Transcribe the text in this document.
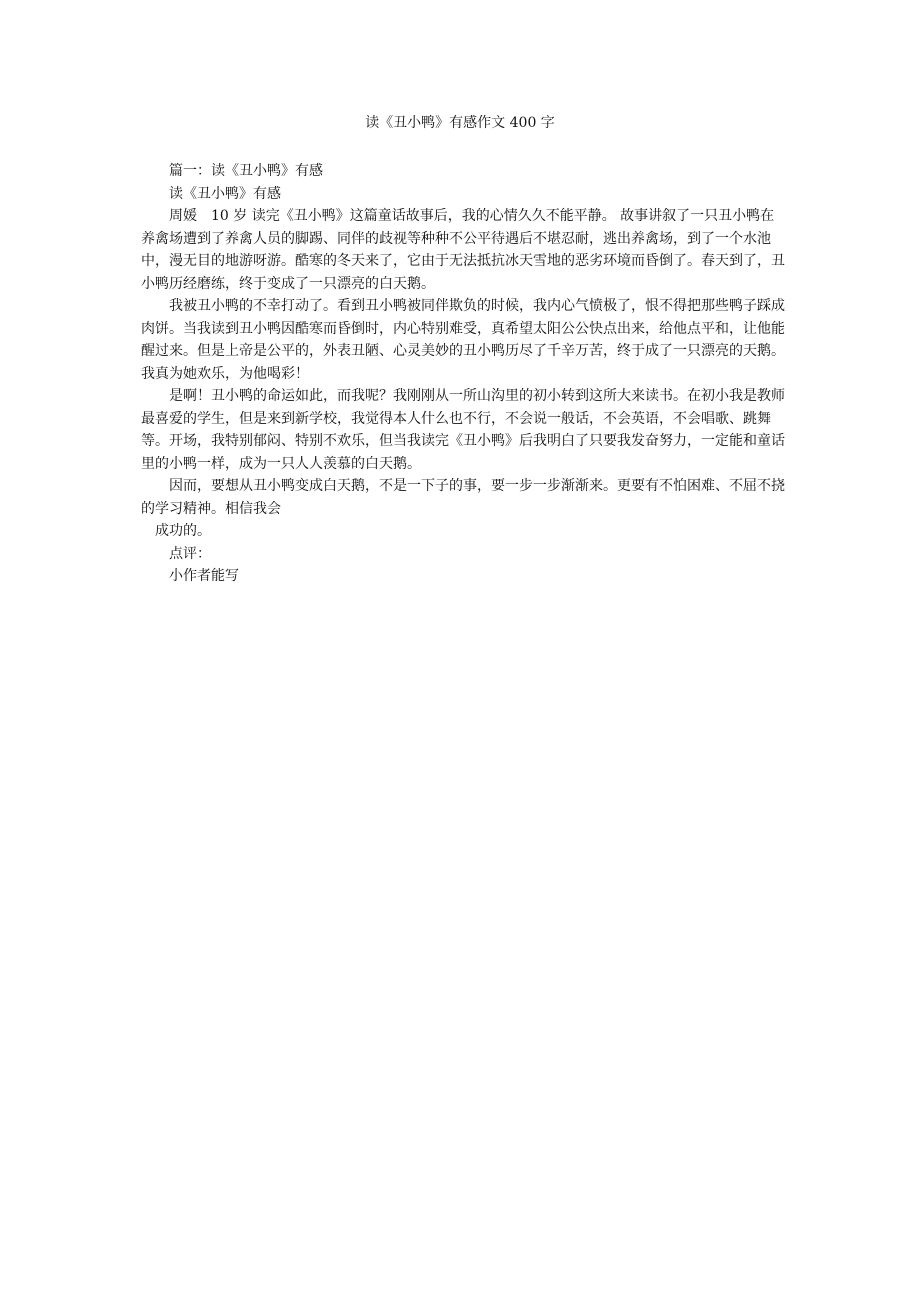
读《丑小鸭》有感作文 400 字

篇一：读《丑小鸭》有感

读《丑小鸭》有感

周媛　10 岁 读完《丑小鸭》这篇童话故事后，我的心情久久不能平静。 故事讲叙了一只丑小鸭在养禽场遭到了养禽人员的脚踢、同伴的歧视等种种不公平待遇后不堪忍耐，逃出养禽场，到了一个水池中，漫无目的地游呀游。酷寒的冬天来了，它由于无法抵抗冰天雪地的恶劣环境而昏倒了。春天到了，丑小鸭历经磨练，终于变成了一只漂亮的白天鹅。

我被丑小鸭的不幸打动了。看到丑小鸭被同伴欺负的时候，我内心气愤极了，恨不得把那些鸭子踩成肉饼。当我读到丑小鸭因酷寒而昏倒时，内心特别难受，真希望太阳公公快点出来，给他点平和，让他能醒过来。但是上帝是公平的，外表丑陋、心灵美妙的丑小鸭历尽了千辛万苦，终于成了一只漂亮的天鹅。我真为她欢乐，为他喝彩！

是啊！丑小鸭的命运如此，而我呢？我刚刚从一所山沟里的初小转到这所大来读书。在初小我是教师最喜爱的学生，但是来到新学校，我觉得本人什么也不行，不会说一般话，不会英语，不会唱歌、跳舞等。开场，我特别郁闷、特别不欢乐，但当我读完《丑小鸭》后我明白了只要我发奋努力，一定能和童话里的小鸭一样，成为一只人人羡慕的白天鹅。

因而，要想从丑小鸭变成白天鹅，不是一下子的事，要一步一步渐渐来。更要有不怕困难、不屈不挠的学习精神。相信我会

成功的。

点评：

小作者能写
